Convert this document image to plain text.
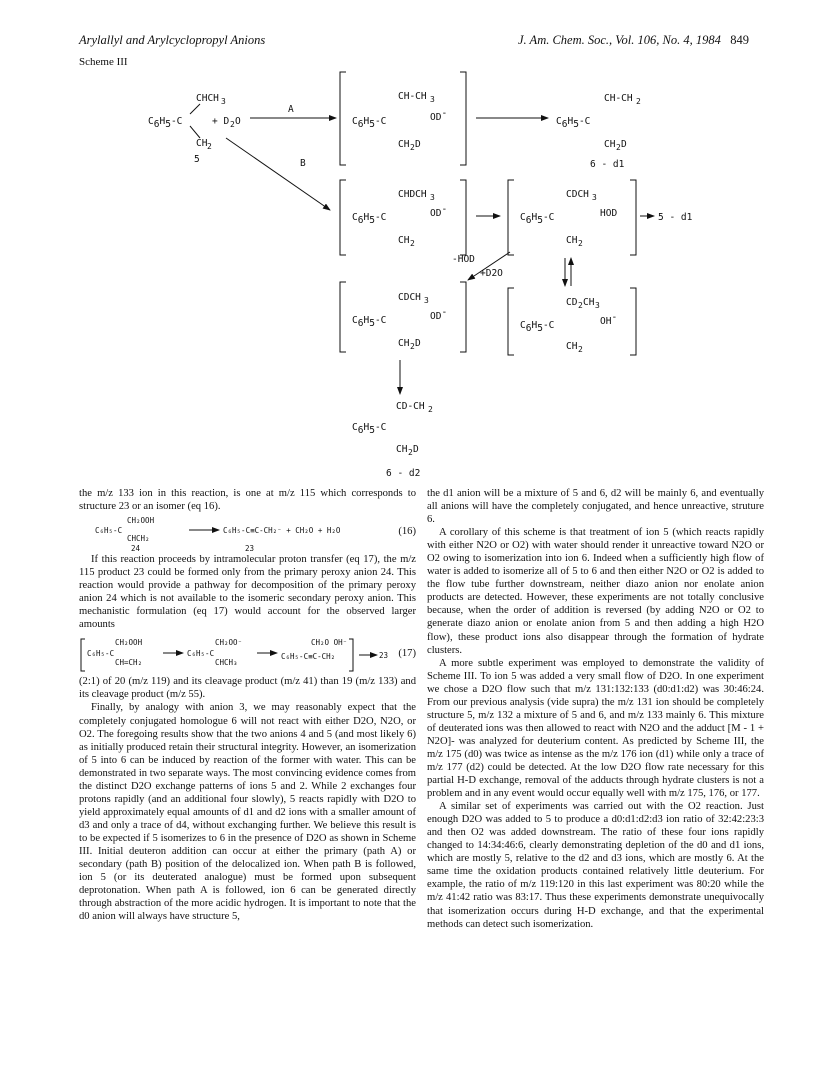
Arylallyl and Arylcyclopropyl Anions	J. Am. Chem. Soc., Vol. 106, No. 4, 1984 849
Scheme III
C6H5-C
CHCH 3
CH 2
+ D 2 O
5
A
B
C6H5-C
CH-CH 3
CH 2 D
OD-
C6H5-C
CH-CH 2
CH 2 D
6 - d1
C6H5-C
CHDCH 3
CH 2
OD-
C6H5-C
CDCH 3
CH 2
HOD	5 - d1
-HOD
+D2O
C6H5-C
CDCH 3
CH 2 D
OD-
C6H5-C
CD 2 CH 3
CH 2
OH-
C6H5-C
CD-CH 2
CH 2 D
6 - d2

the m/z 133 ion in this reaction, is one at m/z 115 which corresponds to structure 23 or an isomer (eq 16).

C₆H₅-C
CH₂OOH
CHCH₂
C₆H₅-C≡C-CH₂⁻ + CH₂O + H₂O
24	23
(16)

If this reaction proceeds by intramolecular proton transfer (eq 17), the m/z 115 product 23 could be formed only from the primary peroxy anion 24. This reaction would provide a pathway for decomposition of the primary peroxy anion 24 which is not available to the isomeric secondary peroxy anion. This mechanistic formulation (eq 17) would account for the observed larger amounts

C₆H₅-C
CH₂OOH
CH=CH₂
C₆H₅-C
CH₂OO⁻
CHCH₃
C₆H₅-C≡C-CH₂
CH₂O OH⁻
23 (17)

(2:1) of 20 (m/z 119) and its cleavage product (m/z 41) than 19 (m/z 133) and its cleavage product (m/z 55).

Finally, by analogy with anion 3, we may reasonably expect that the completely conjugated homologue 6 will not react with either D2O, N2O, or O2. The foregoing results show that the two anions 4 and 5 (and most likely 6) as initially produced retain their structural integrity. However, an isomerization of 5 into 6 can be induced by reaction of the former with water. This can be demonstrated in two separate ways. The most convincing evidence comes from the distinct D2O exchange patterns of ions 5 and 2. While 2 exchanges four protons rapidly (and an additional four slowly), 5 reacts rapidly with D2O to yield approximately equal amounts of d1 and d2 ions with a smaller amount of d3 and only a trace of d4, without exchanging further. We believe this result is to be expected if 5 isomerizes to 6 in the presence of D2O as shown in Scheme III. Initial deuteron addition can occur at either the primary (path A) or secondary (path B) position of the delocalized ion. When path B is followed, ion 5 (or its deuterated analogue) must be formed upon subsequent deprotonation. When path A is followed, ion 6 can be generated directly through abstraction of the more acidic hydrogen. It is important to note that the d0 anion will always have structure 5,

the d1 anion will be a mixture of 5 and 6, d2 will be mainly 6, and eventually all anions will have the completely conjugated, and hence unreactive, struture 6.

A corollary of this scheme is that treatment of ion 5 (which reacts rapidly with either N2O or O2) with water should render it unreactive toward N2O or O2 owing to isomerization into ion 6. Indeed when a sufficiently high flow of water is added to isomerize all of 5 to 6 and then either N2O or O2 is added to the flow tube further downstream, neither diazo anion nor enolate anion products are detected. However, these experiments are not totally conclusive because, when the order of addition is reversed (by adding N2O or O2 to generate diazo anion or enolate anion from 5 and then adding a high H2O flow), these product ions also disappear through the formation of hydrate clusters.

A more subtle experiment was employed to demonstrate the validity of Scheme III. To ion 5 was added a very small flow of D2O. In one experiment we chose a D2O flow such that m/z 131:132:133 (d0:d1:d2) was 30:46:24. From our previous analysis (vide supra) the m/z 131 ion should be completely structure 5, m/z 132 a mixture of 5 and 6, and m/z 133 mainly 6. This mixture of deuterated ions was then allowed to react with N2O and the adduct [M - 1 + N2O]- was analyzed for deuterium content. As predicted by Scheme III, the m/z 175 (d0) was twice as intense as the m/z 176 ion (d1) while only a trace of m/z 177 (d2) could be detected. At the low D2O flow rate necessary for this partial H-D exchange, removal of the adducts through hydrate clusters is not a problem and in any event would occur equally well with m/z 175, 176, or 177.

A similar set of experiments was carried out with the O2 reaction. Just enough D2O was added to 5 to produce a d0:d1:d2:d3 ion ratio of 32:42:23:3 and then O2 was added downstream. The ratio of these four ions rapidly changed to 14:34:46:6, clearly demonstrating depletion of the d0 and d1 ions, which are mostly 5, relative to the d2 and d3 ions, which are mostly 6. At the same time the oxidation products contained relatively little deuterium. For example, the ratio of m/z 119:120 in this last experiment was 80:20 while the m/z 41:42 ratio was 83:17. Thus these experiments demonstrate unequivocally that isomerization occurs during H-D exchange, and that the experimental methods can detect such isomerization.
